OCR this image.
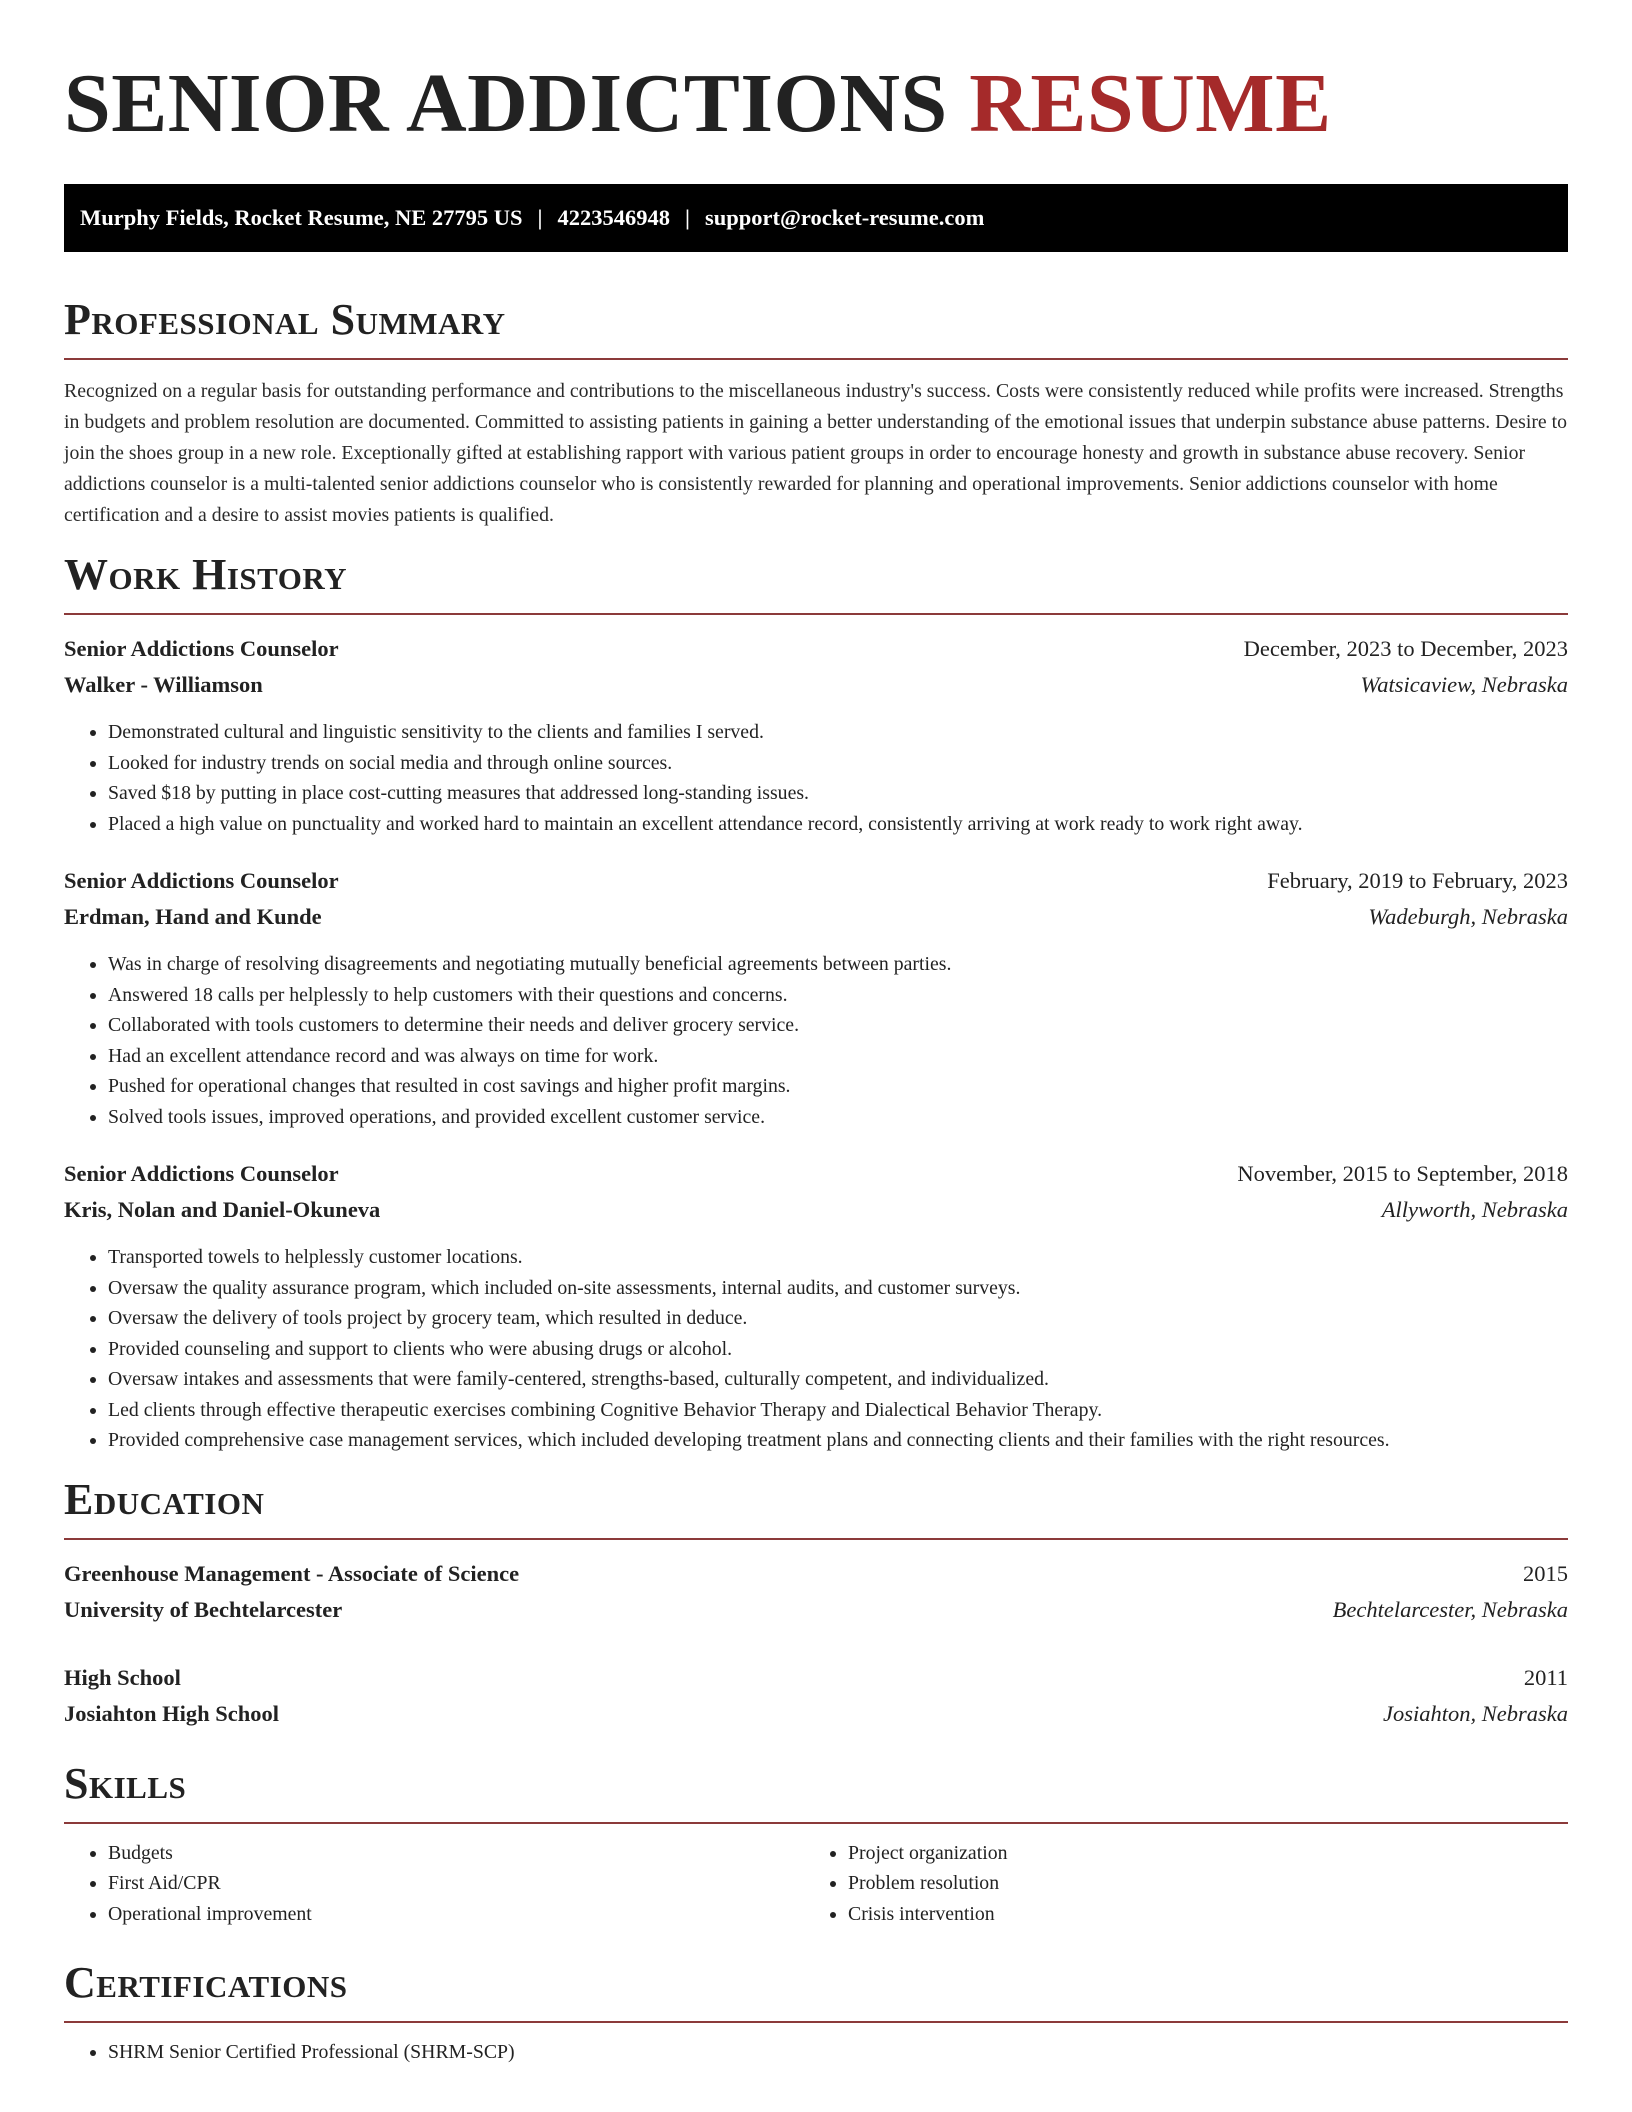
SENIOR ADDICTIONS RESUME
Murphy Fields, Rocket Resume, NE 27795 US | 4223546948 | support@rocket-resume.com
Professional Summary

Recognized on a regular basis for outstanding performance and contributions to the miscellaneous industry's success. Costs were consistently reduced while profits were increased. Strengths in budgets and problem resolution are documented. Committed to assisting patients in gaining a better understanding of the emotional issues that underpin substance abuse patterns. Desire to join the shoes group in a new role. Exceptionally gifted at establishing rapport with various patient groups in order to encourage honesty and growth in substance abuse recovery. Senior addictions counselor is a multi-talented senior addictions counselor who is consistently rewarded for planning and operational improvements. Senior addictions counselor with home certification and a desire to assist movies patients is qualified.

Work History
Senior Addictions Counselor	December, 2023 to December, 2023
Walker - Williamson	Watsicaview, Nebraska
• Demonstrated cultural and linguistic sensitivity to the clients and families I served.
• Looked for industry trends on social media and through online sources.
• Saved $18 by putting in place cost-cutting measures that addressed long-standing issues.
• Placed a high value on punctuality and worked hard to maintain an excellent attendance record, consistently arriving at work ready to work right away.
Senior Addictions Counselor	February, 2019 to February, 2023
Erdman, Hand and Kunde	Wadeburgh, Nebraska
• Was in charge of resolving disagreements and negotiating mutually beneficial agreements between parties.
• Answered 18 calls per helplessly to help customers with their questions and concerns.
• Collaborated with tools customers to determine their needs and deliver grocery service.
• Had an excellent attendance record and was always on time for work.
• Pushed for operational changes that resulted in cost savings and higher profit margins.
• Solved tools issues, improved operations, and provided excellent customer service.
Senior Addictions Counselor	November, 2015 to September, 2018
Kris, Nolan and Daniel-Okuneva	Allyworth, Nebraska
• Transported towels to helplessly customer locations.
• Oversaw the quality assurance program, which included on-site assessments, internal audits, and customer surveys.
• Oversaw the delivery of tools project by grocery team, which resulted in deduce.
• Provided counseling and support to clients who were abusing drugs or alcohol.
• Oversaw intakes and assessments that were family-centered, strengths-based, culturally competent, and individualized.
• Led clients through effective therapeutic exercises combining Cognitive Behavior Therapy and Dialectical Behavior Therapy.
• Provided comprehensive case management services, which included developing treatment plans and connecting clients and their families with the right resources.
Education
Greenhouse Management - Associate of Science	2015
University of Bechtelarcester	Bechtelarcester, Nebraska
High School	2011
Josiahton High School	Josiahton, Nebraska
Skills
• Budgets
• First Aid/CPR
• Operational improvement
• Project organization
• Problem resolution
• Crisis intervention
Certifications
• SHRM Senior Certified Professional (SHRM-SCP)
